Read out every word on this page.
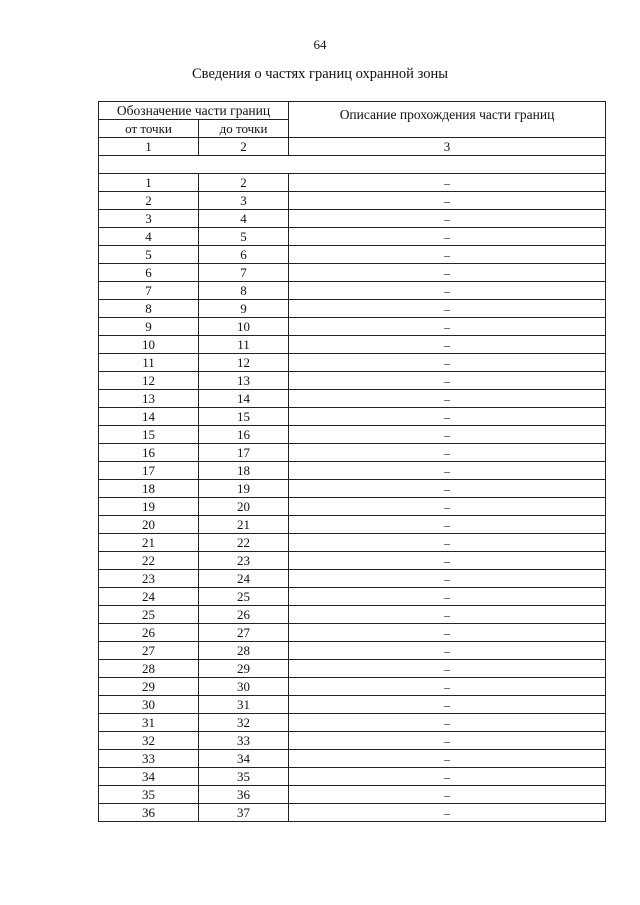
64
Сведения о частях границ охранной зоны
Обозначение части границ		Описание прохождения части границ
от точки	до точки	
1	2	3

1	2	–
2	3	–
3	4	–
4	5	–
5	6	–
6	7	–
7	8	–
8	9	–
9	10	–
10	11	–
11	12	–
12	13	–
13	14	–
14	15	–
15	16	–
16	17	–
17	18	–
18	19	–
19	20	–
20	21	–
21	22	–
22	23	–
23	24	–
24	25	–
25	26	–
26	27	–
27	28	–
28	29	–
29	30	–
30	31	–
31	32	–
32	33	–
33	34	–
34	35	–
35	36	–
36	37	–
